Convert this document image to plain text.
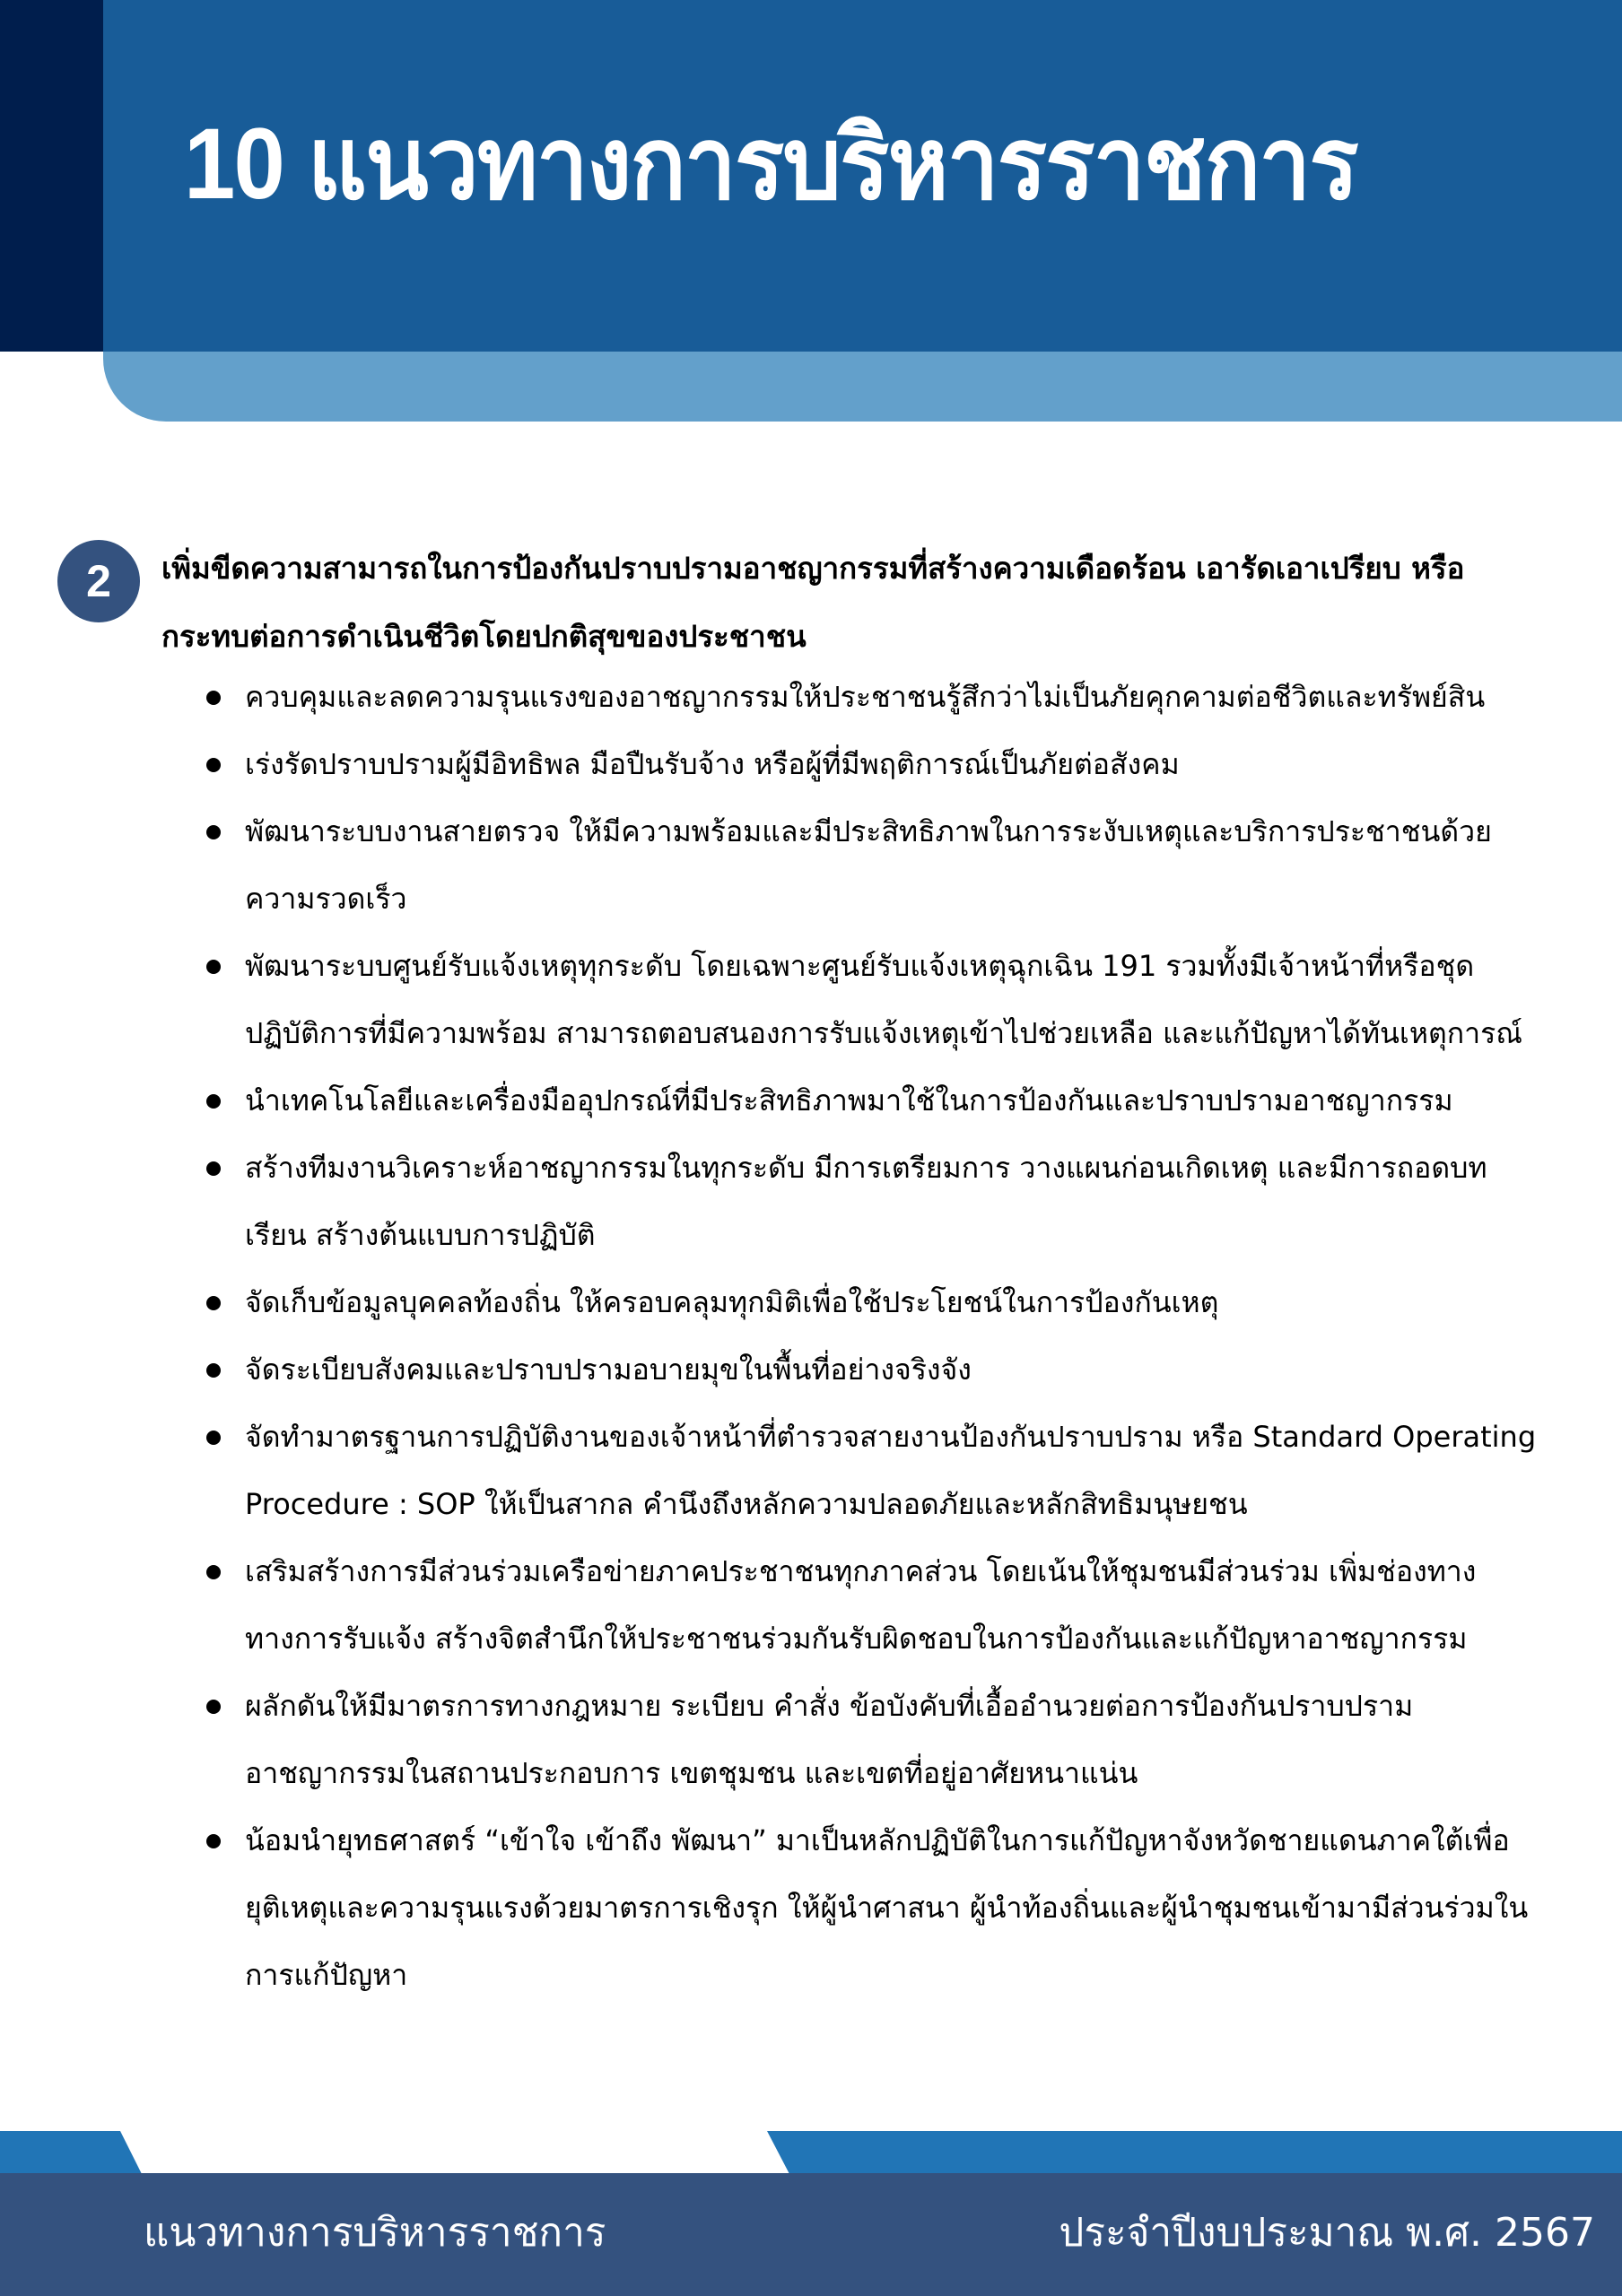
10 แนวทางการบริหารราชการ
2	เพิ่มขีดความสามารถในการป้องกันปราบปรามอาชญากรรมที่สร้างความเดือดร้อน เอารัดเอาเปรียบ หรือกระทบต่อการดำเนินชีวิตโดยปกติสุขของประชาชน
ควบคุมและลดความรุนแรงของอาชญากรรมให้ประชาชนรู้สึกว่าไม่เป็นภัยคุกคามต่อชีวิตและทรัพย์สิน
เร่งรัดปราบปรามผู้มีอิทธิพล มือปืนรับจ้าง หรือผู้ที่มีพฤติการณ์เป็นภัยต่อสังคม
พัฒนาระบบงานสายตรวจ ให้มีความพร้อมและมีประสิทธิภาพในการระงับเหตุและบริการประชาชนด้วยความรวดเร็ว
พัฒนาระบบศูนย์รับแจ้งเหตุทุกระดับ โดยเฉพาะศูนย์รับแจ้งเหตุฉุกเฉิน 191 รวมทั้งมีเจ้าหน้าที่หรือชุดปฏิบัติการที่มีความพร้อม สามารถตอบสนองการรับแจ้งเหตุเข้าไปช่วยเหลือ และแก้ปัญหาได้ทันเหตุการณ์
นำเทคโนโลยีและเครื่องมืออุปกรณ์ที่มีประสิทธิภาพมาใช้ในการป้องกันและปราบปรามอาชญากรรม
สร้างทีมงานวิเคราะห์อาชญากรรมในทุกระดับ มีการเตรียมการ วางแผนก่อนเกิดเหตุ และมีการถอดบทเรียน สร้างต้นแบบการปฏิบัติ
จัดเก็บข้อมูลบุคคลท้องถิ่น ให้ครอบคลุมทุกมิติเพื่อใช้ประโยชน์ในการป้องกันเหตุ
จัดระเบียบสังคมและปราบปรามอบายมุขในพื้นที่อย่างจริงจัง
จัดทำมาตรฐานการปฏิบัติงานของเจ้าหน้าที่ตำรวจสายงานป้องกันปราบปราม หรือ Standard Operating Procedure : SOP ให้เป็นสากล คำนึงถึงหลักความปลอดภัยและหลักสิทธิมนุษยชน
เสริมสร้างการมีส่วนร่วมเครือข่ายภาคประชาชนทุกภาคส่วน โดยเน้นให้ชุมชนมีส่วนร่วม เพิ่มช่องทางทางการรับแจ้ง สร้างจิตสำนึกให้ประชาชนร่วมกันรับผิดชอบในการป้องกันและแก้ปัญหาอาชญากรรม
ผลักดันให้มีมาตรการทางกฎหมาย ระเบียบ คำสั่ง ข้อบังคับที่เอื้ออำนวยต่อการป้องกันปราบปรามอาชญากรรมในสถานประกอบการ เขตชุมชน และเขตที่อยู่อาศัยหนาแน่น
น้อมนำยุทธศาสตร์ “เข้าใจ เข้าถึง พัฒนา” มาเป็นหลักปฏิบัติในการแก้ปัญหาจังหวัดชายแดนภาคใต้เพื่อยุติเหตุและความรุนแรงด้วยมาตรการเชิงรุก ให้ผู้นำศาสนา ผู้นำท้องถิ่นและผู้นำชุมชนเข้ามามีส่วนร่วมในการแก้ปัญหา
แนวทางการบริหารราชการ	ประจำปีงบประมาณ พ.ศ. 2567
